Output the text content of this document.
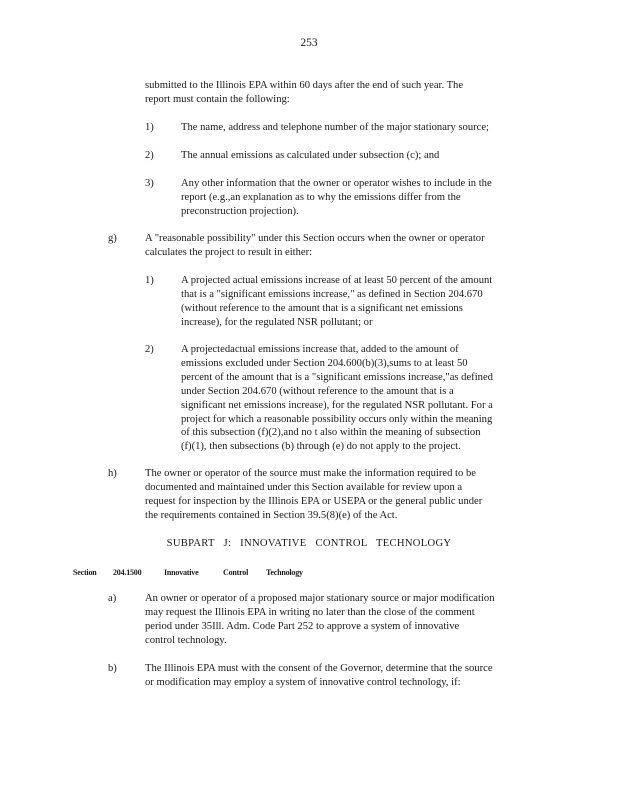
253
submitted to the Illinois EPA within 60 days after the end of such year. The
report must contain the following:
1)	The name, address and telephone number of the major stationary source;
2)	The annual emissions as calculated under subsection (c); and
3)	Any other information that the owner or operator wishes to include in the
report (e.g.,an explanation as to why the emissions differ from the
preconstruction projection).
g)	A "reasonable possibility" under this Section occurs when the owner or operator
calculates the project to result in either:
1)	A projected actual emissions increase of at least 50 percent of the amount
that is a "significant emissions increase," as defined in Section 204.670
(without reference to the amount that is a significant net emissions
increase), for the regulated NSR pollutant; or
2)	A projectedactual emissions increase that, added to the amount of
emissions excluded under Section 204.600(b)(3),sums to at least 50
percent of the amount that is a "significant emissions increase,"as defined
under Section 204.670 (without reference to the amount that is a
significant net emissions increase), for the regulated NSR pollutant. For a
project for which a reasonable possibility occurs only within the meaning
of this subsection (f)(2),and no t also within the meaning of subsection
(f)(1), then subsections (b) through (e) do not apply to the project.
h)	The owner or operator of the source must make the information required to be
documented and maintained under this Section available for review upon a
request for inspection by the Illinois EPA or USEPA or the general public under
the requirements contained in Section 39.5(8)(e) of the Act.
SUBPART J: INNOVATIVE CONTROL TECHNOLOGY
Section 204.1500	Innovative	Control Technology
a)	An owner or operator of a proposed major stationary source or major modification
may request the Illinois EPA in writing no later than the close of the comment
period under 35Ill. Adm. Code Part 252 to approve a system of innovative
control technology.
b)	The Illinois EPA must with the consent of the Governor, determine that the source
or modification may employ a system of innovative control technology, if:
